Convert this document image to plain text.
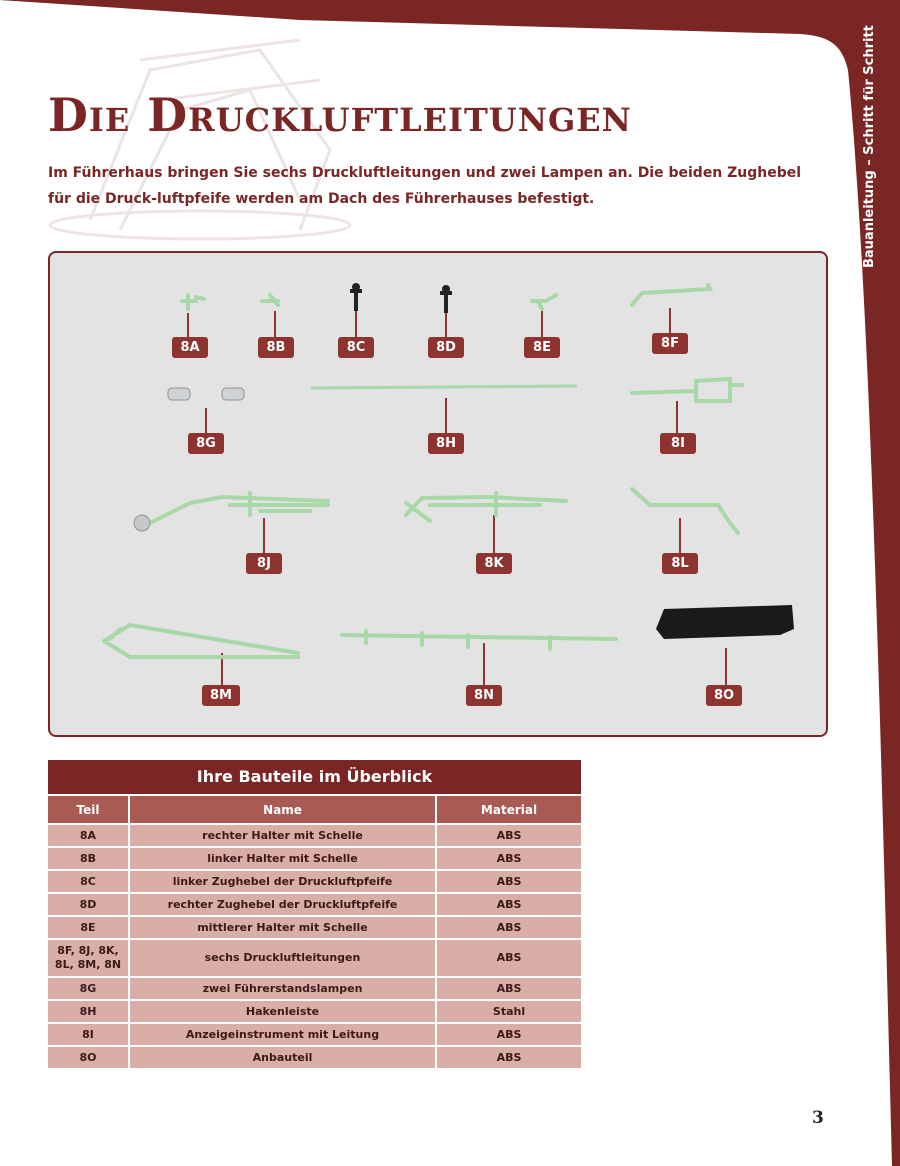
Bauanleitung – Schritt für Schritt
Die Druckluftleitungen

Im Führerhaus bringen Sie sechs Druckluftleitungen und zwei Lampen an. Die beiden Zughebel für die Druck-luftpfeife werden am Dach des Führerhauses befestigt.

8A	8B	8C	8D	8E	8F
8G	8H	8I
8J	8K	8L
8M	8N	8O
Ihre Bauteile im Überblick
Teil	Name	Material
8A	rechter Halter mit Schelle	ABS
8B	linker Halter mit Schelle	ABS
8C	linker Zughebel der Druckluftpfeife	ABS
8D	rechter Zughebel der Druckluftpfeife	ABS
8E	mittlerer Halter mit Schelle	ABS
8F, 8J, 8K,
8L, 8M, 8N
sechs Druckluftleitungen	ABS
8G	zwei Führerstandslampen	ABS
8H	Hakenleiste	Stahl
8I	Anzeigeinstrument mit Leitung	ABS
8O	Anbauteil	ABS
3
